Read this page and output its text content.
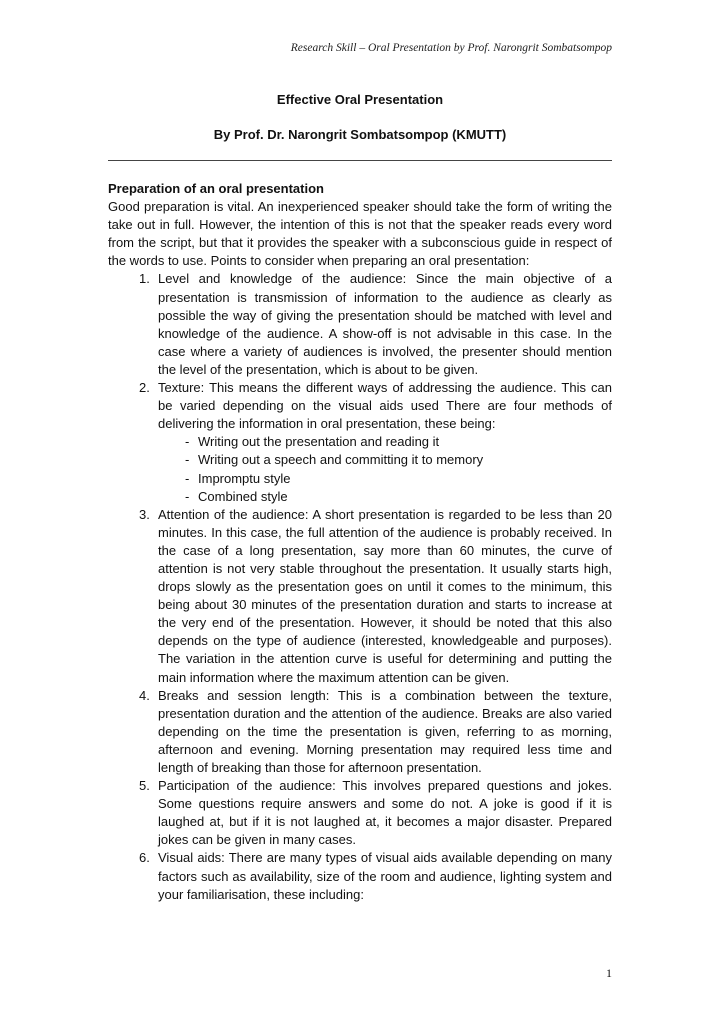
Research Skill – Oral Presentation by Prof. Narongrit Sombatsompop
Effective Oral Presentation
By Prof. Dr. Narongrit Sombatsompop (KMUTT)

Preparation of an oral presentation

Good preparation is vital. An inexperienced speaker should take the form of writing the take out in full. However, the intention of this is not that the speaker reads every word from the script, but that it provides the speaker with a subconscious guide in respect of the words to use. Points to consider when preparing an oral presentation:

1. Level and knowledge of the audience: Since the main objective of a presentation is transmission of information to the audience as clearly as possible the way of giving the presentation should be matched with level and knowledge of the audience. A show-off is not advisable in this case. In the case where a variety of audiences is involved, the presenter should mention the level of the presentation, which is about to be given.
2. Texture: This means the different ways of addressing the audience. This can be varied depending on the visual aids used There are four methods of delivering the information in oral presentation, these being:
- Writing out the presentation and reading it
- Writing out a speech and committing it to memory
- Impromptu style
- Combined style
3. Attention of the audience: A short presentation is regarded to be less than 20 minutes. In this case, the full attention of the audience is probably received. In the case of a long presentation, say more than 60 minutes, the curve of attention is not very stable throughout the presentation. It usually starts high, drops slowly as the presentation goes on until it comes to the minimum, this being about 30 minutes of the presentation duration and starts to increase at the very end of the presentation. However, it should be noted that this also depends on the type of audience (interested, knowledgeable and purposes). The variation in the attention curve is useful for determining and putting the main information where the maximum attention can be given.
4. Breaks and session length: This is a combination between the texture, presentation duration and the attention of the audience. Breaks are also varied depending on the time the presentation is given, referring to as morning, afternoon and evening. Morning presentation may required less time and length of breaking than those for afternoon presentation.
5. Participation of the audience: This involves prepared questions and jokes. Some questions require answers and some do not. A joke is good if it is laughed at, but if it is not laughed at, it becomes a major disaster. Prepared jokes can be given in many cases.
6. Visual aids: There are many types of visual aids available depending on many factors such as availability, size of the room and audience, lighting system and your familiarisation, these including:
1
